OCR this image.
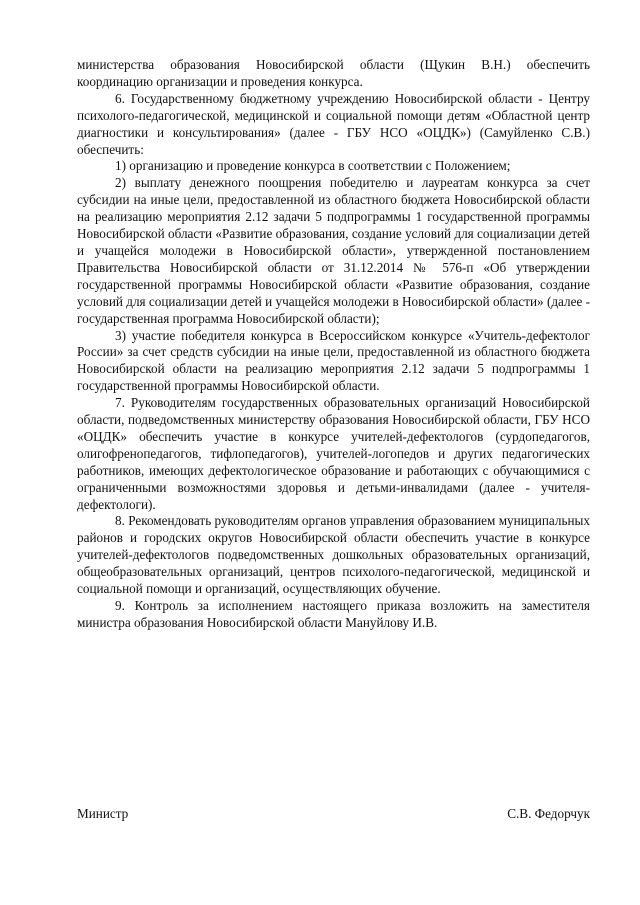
министерства образования Новосибирской области (Щукин В.Н.) обеспечить координацию организации и проведения конкурса.

6. Государственному бюджетному учреждению Новосибирской области - Центру психолого-педагогической, медицинской и социальной помощи детям «Областной центр диагностики и консультирования» (далее - ГБУ НСО «ОЦДК») (Самуйленко С.В.) обеспечить:

1) организацию и проведение конкурса в соответствии с Положением;

2) выплату денежного поощрения победителю и лауреатам конкурса за счет субсидии на иные цели, предоставленной из областного бюджета Новосибирской области на реализацию мероприятия 2.12 задачи 5 подпрограммы 1 государственной программы Новосибирской области «Развитие образования, создание условий для социализации детей и учащейся молодежи в Новосибирской области», утвержденной постановлением Правительства Новосибирской области от 31.12.2014 № 576-п «Об утверждении государственной программы Новосибирской области «Развитие образования, создание условий для социализации детей и учащейся молодежи в Новосибирской области» (далее - государственная программа Новосибирской области);

3) участие победителя конкурса в Всероссийском конкурсе «Учитель-дефектолог России» за счет средств субсидии на иные цели, предоставленной из областного бюджета Новосибирской области на реализацию мероприятия 2.12 задачи 5 подпрограммы 1 государственной программы Новосибирской области.

7. Руководителям государственных образовательных организаций Новосибирской области, подведомственных министерству образования Новосибирской области, ГБУ НСО «ОЦДК» обеспечить участие в конкурсе учителей-дефектологов (сурдопедагогов, олигофренопедагогов, тифлопедагогов), учителей-логопедов и других педагогических работников, имеющих дефектологическое образование и работающих с обучающимися с ограниченными возможностями здоровья и детьми-инвалидами (далее - учителя-дефектологи).

8. Рекомендовать руководителям органов управления образованием муниципальных районов и городских округов Новосибирской области обеспечить участие в конкурсе учителей-дефектологов подведомственных дошкольных образовательных организаций, общеобразовательных организаций, центров психолого-педагогической, медицинской и социальной помощи и организаций, осуществляющих обучение.

9. Контроль за исполнением настоящего приказа возложить на заместителя министра образования Новосибирской области Мануйлову И.В.

Министр	С.В. Федорчук
